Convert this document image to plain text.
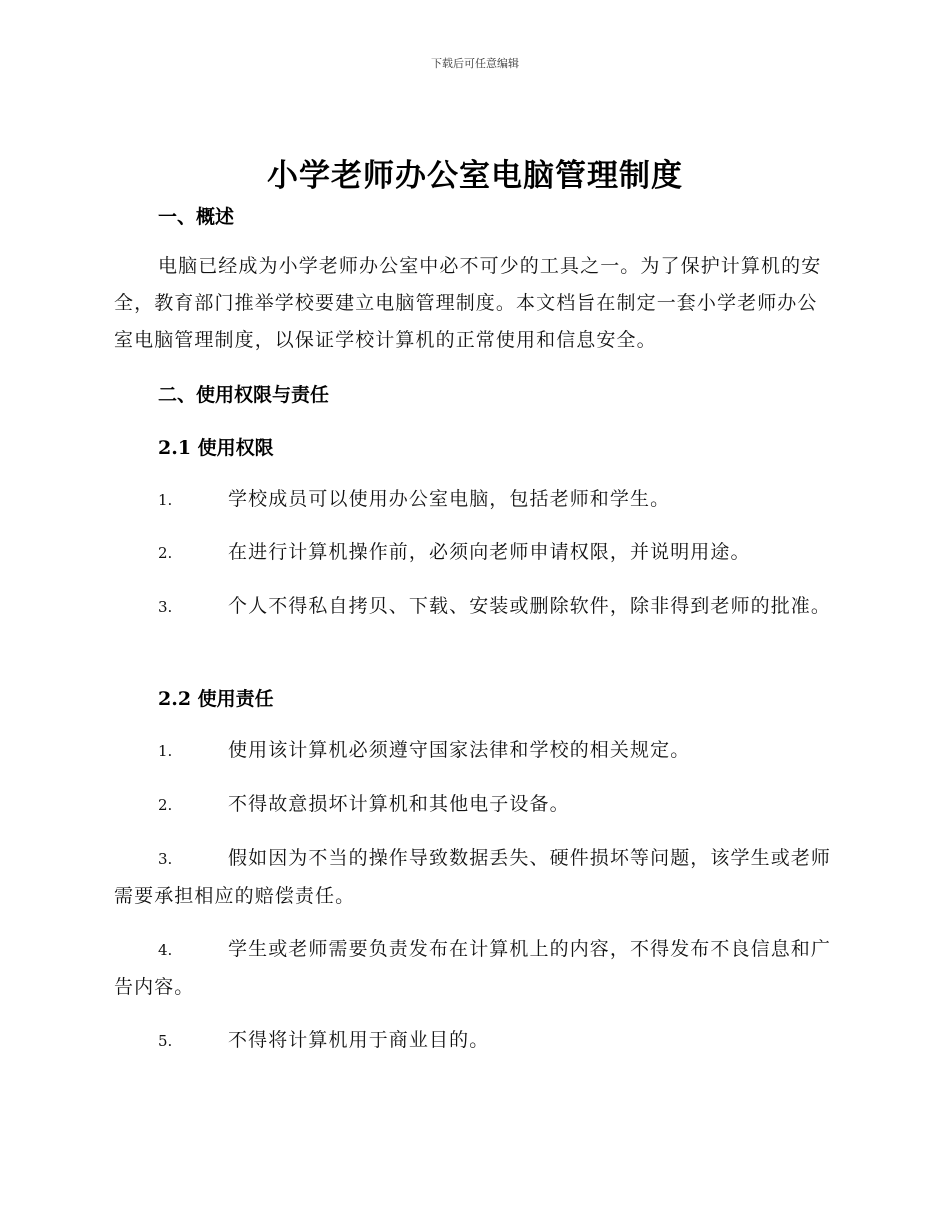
下载后可任意编辑
小学老师办公室电脑管理制度
一、概述
电脑已经成为小学老师办公室中必不可少的工具之一。为了保护计算机的安全，教育部门推举学校要建立电脑管理制度。本文档旨在制定一套小学老师办公室电脑管理制度，以保证学校计算机的正常使用和信息安全。
二、使用权限与责任
2.1 使用权限
1.	学校成员可以使用办公室电脑，包括老师和学生。
2.	在进行计算机操作前，必须向老师申请权限，并说明用途。
3.	个人不得私自拷贝、下载、安装或删除软件，除非得到老师的批准。
2.2 使用责任
1.	使用该计算机必须遵守国家法律和学校的相关规定。
2.	不得故意损坏计算机和其他电子设备。
3.	假如因为不当的操作导致数据丢失、硬件损坏等问题，该学生或老师需要承担相应的赔偿责任。
4.	学生或老师需要负责发布在计算机上的内容，不得发布不良信息和广告内容。
5.	不得将计算机用于商业目的。
